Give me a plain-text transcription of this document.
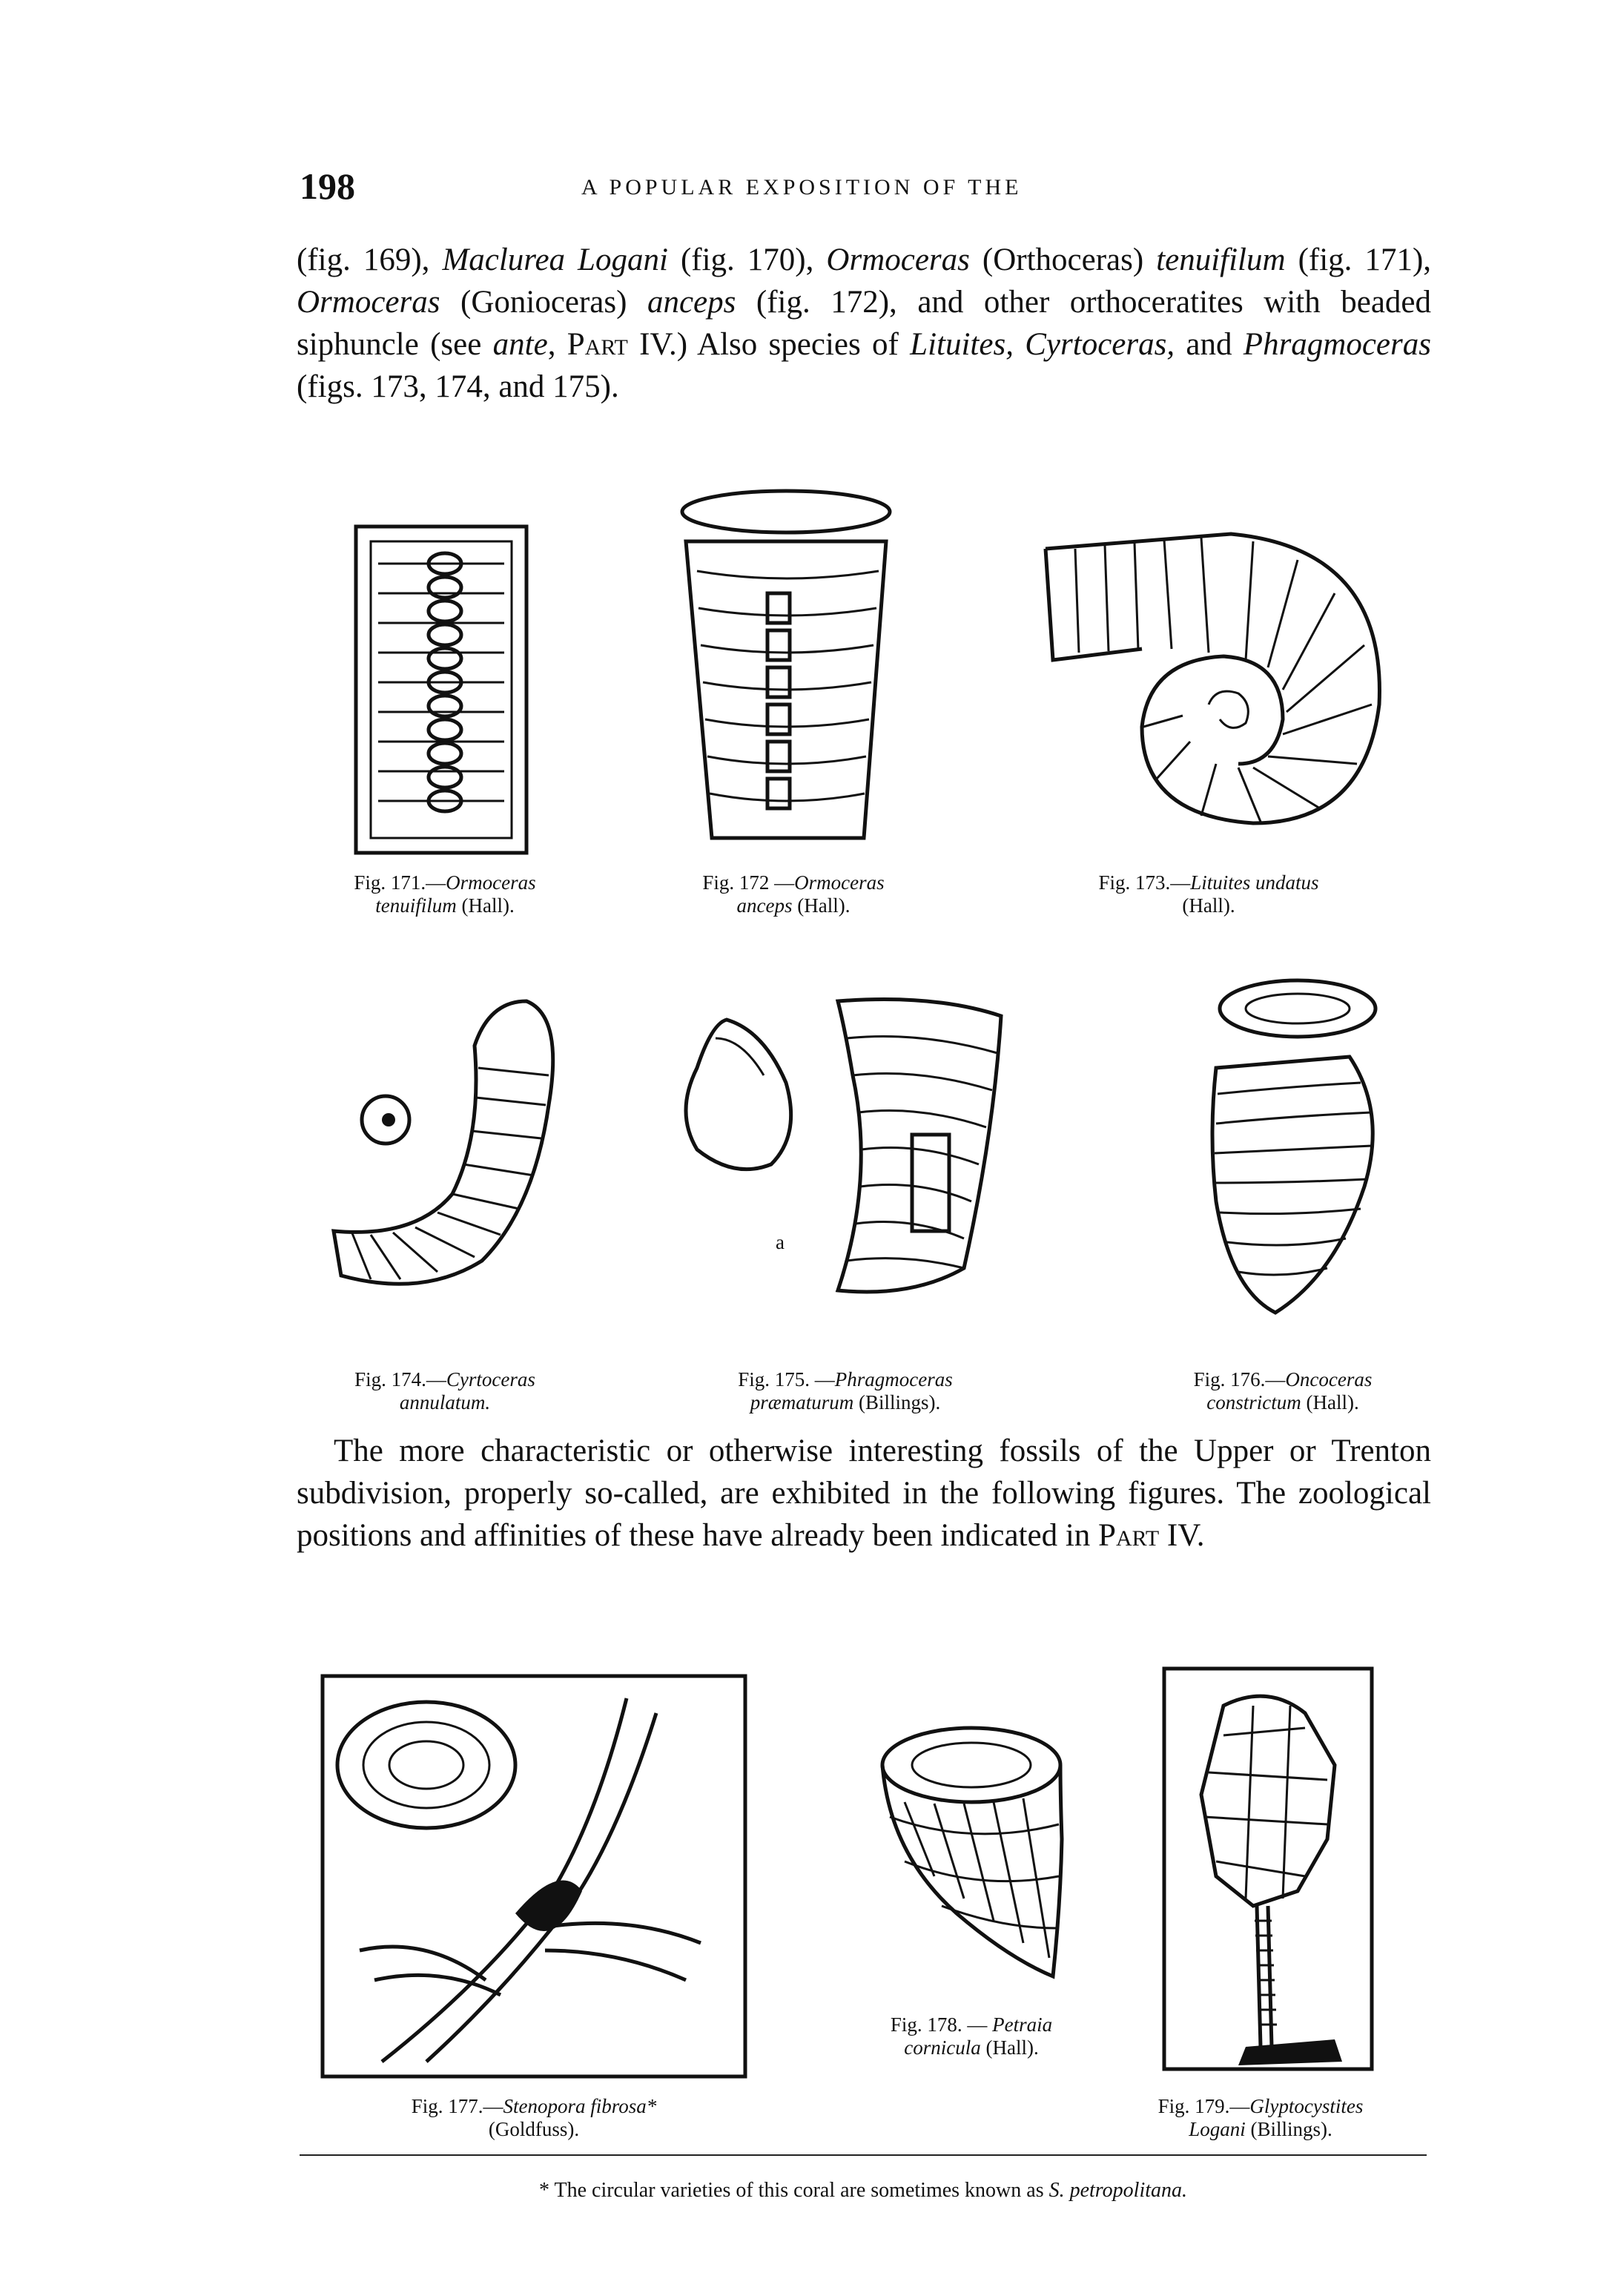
198	A POPULAR EXPOSITION OF THE
(fig. 169), Maclurea Logani (fig. 170), Ormoceras (Orthoceras) tenuifilum (fig. 171), Ormoceras (Gonioceras) anceps (fig. 172), and other orthoceratites with beaded siphuncle (see ante, Part IV.) Also species of Lituites, Cyrtoceras, and Phragmoceras (figs. 173, 174, and 175).
Fig. 171.—Ormoceras
tenuifilum (Hall).
Fig. 172 —Ormoceras
anceps (Hall).
Fig. 173.—Lituites undatus
(Hall).
Fig. 174.—Cyrtoceras
annulatum.
a
Fig. 175. —Phragmoceras
præmaturum (Billings).
Fig. 176.—Oncoceras
constrictum (Hall).
The more characteristic or otherwise interesting fossils of the Upper or Trenton subdivision, properly so-called, are exhibited in the following figures. The zoological positions and affinities of these have already been indicated in Part IV.
Fig. 177.—Stenopora fibrosa*
(Goldfuss).
Fig. 178. — Petraia
cornicula (Hall).
Fig. 179.—Glyptocystites
Logani (Billings).
* The circular varieties of this coral are sometimes known as S. petropolitana.
